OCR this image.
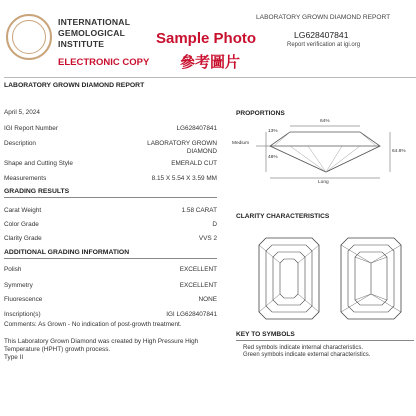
INTERNATIONAL
GEMOLOGICAL
INSTITUTE
ELECTRONIC COPY
Sample Photo
參考圖片
LABORATORY GROWN DIAMOND REPORT
LG628407841
Report verification at igi.org
LABORATORY GROWN DIAMOND REPORT
April 5, 2024
IGI Report Number	LG628407841
Description	LABORATORY GROWN DIAMOND
Shape and Cutting Style	EMERALD CUT
Measurements	8.15 X 5.54 X 3.59 MM
GRADING RESULTS
Carat Weight	1.58 CARAT
Color Grade	D
Clarity Grade	VVS 2
ADDITIONAL GRADING INFORMATION
Polish	EXCELLENT
Symmetry	EXCELLENT
Fluorescence	NONE
Inscription(s)	IGI LG628407841
Comments: As Grown - No indication of post-growth treatment.
This Laboratory Grown Diamond was created by High Pressure High Temperature (HPHT) growth process.
Type II
PROPORTIONS
64%
Medium
13%
48%
64.8%
Long
CLARITY CHARACTERISTICS
KEY TO SYMBOLS
Red symbols indicate internal characteristics.
Green symbols indicate external characteristics.
